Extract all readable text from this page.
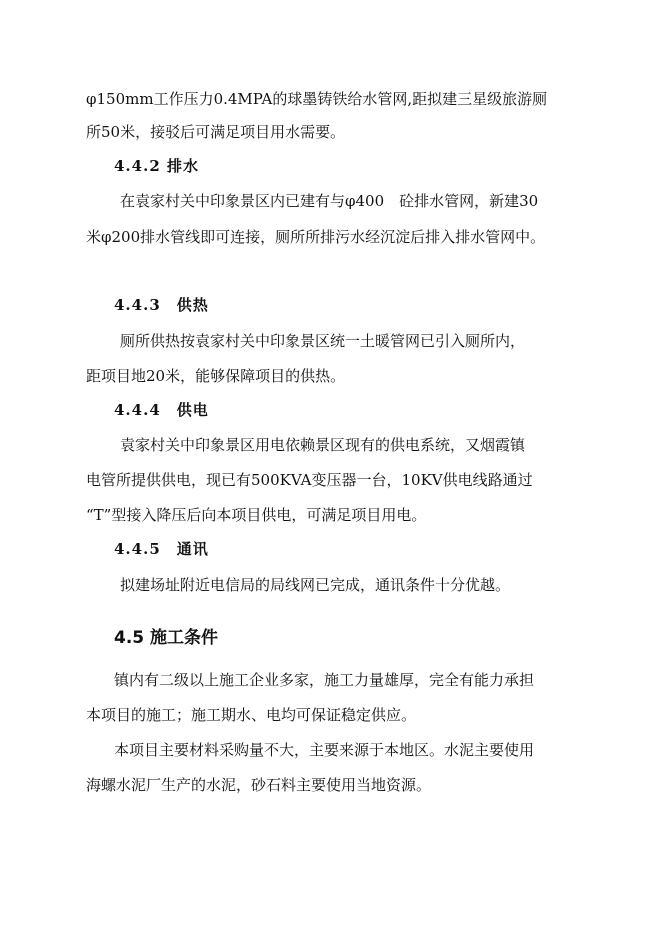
φ150mm工作压力0.4MPA的球墨铸铁给水管网,距拟建三星级旅游厕
所50米，接驳后可满足项目用水需要。
4.4.2 排水
在袁家村关中印象景区内已建有与φ400　砼排水管网，新建30
米φ200排水管线即可连接，厕所所排污水经沉淀后排入排水管网中。
4.4.3　供热
厕所供热按袁家村关中印象景区统一土暖管网已引入厕所内，
距项目地20米，能够保障项目的供热。
4.4.4　供电
袁家村关中印象景区用电依赖景区现有的供电系统，又烟霞镇
电管所提供供电，现已有500KVA变压器一台，10KV供电线路通过
“T”型接入降压后向本项目供电，可满足项目用电。
4.4.5　通讯
拟建场址附近电信局的局线网已完成，通讯条件十分优越。
4.5 施工条件
镇内有二级以上施工企业多家，施工力量雄厚，完全有能力承担
本项目的施工；施工期水、电均可保证稳定供应。
本项目主要材料采购量不大，主要来源于本地区。水泥主要使用
海螺水泥厂生产的水泥，砂石料主要使用当地资源。
